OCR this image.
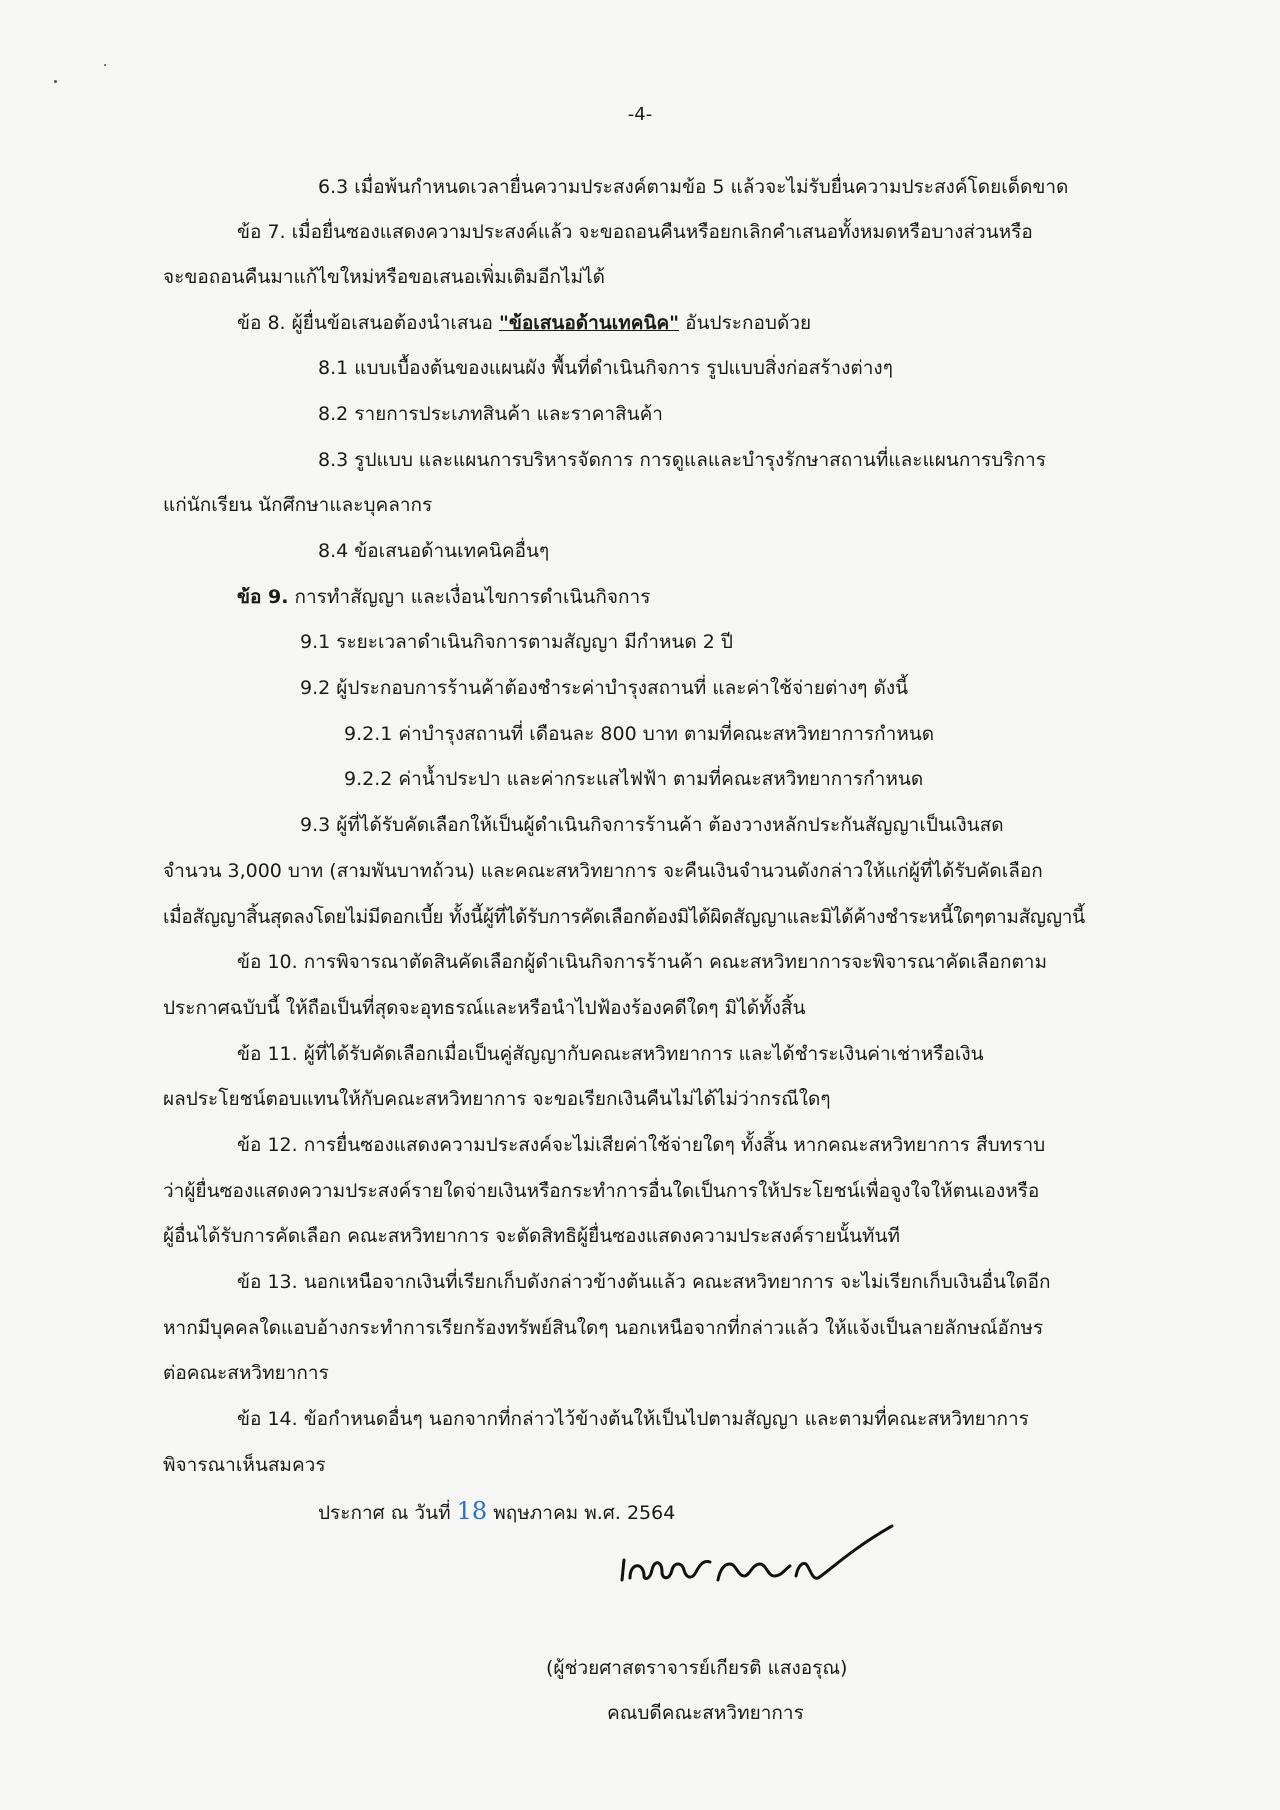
-4-
6.3 เมื่อพ้นกำหนดเวลายื่นความประสงค์ตามข้อ 5 แล้วจะไม่รับยื่นความประสงค์โดยเด็ดขาด
ข้อ 7. เมื่อยื่นซองแสดงความประสงค์แล้ว จะขอถอนคืนหรือยกเลิกคำเสนอทั้งหมดหรือบางส่วนหรือ
จะขอถอนคืนมาแก้ไขใหม่หรือขอเสนอเพิ่มเติมอีกไม่ได้
ข้อ 8. ผู้ยื่นข้อเสนอต้องนำเสนอ "ข้อเสนอด้านเทคนิค" อันประกอบด้วย
8.1 แบบเบื้องต้นของแผนผัง พื้นที่ดำเนินกิจการ รูปแบบสิ่งก่อสร้างต่างๆ
8.2 รายการประเภทสินค้า และราคาสินค้า
8.3 รูปแบบ และแผนการบริหารจัดการ การดูแลและบำรุงรักษาสถานที่และแผนการบริการ
แก่นักเรียน นักศึกษาและบุคลากร
8.4 ข้อเสนอด้านเทคนิคอื่นๆ
ข้อ 9. การทำสัญญา และเงื่อนไขการดำเนินกิจการ
9.1 ระยะเวลาดำเนินกิจการตามสัญญา มีกำหนด 2 ปี
9.2 ผู้ประกอบการร้านค้าต้องชำระค่าบำรุงสถานที่ และค่าใช้จ่ายต่างๆ ดังนี้
9.2.1 ค่าบำรุงสถานที่ เดือนละ 800 บาท ตามที่คณะสหวิทยาการกำหนด
9.2.2 ค่าน้ำประปา และค่ากระแสไฟฟ้า ตามที่คณะสหวิทยาการกำหนด
9.3 ผู้ที่ได้รับคัดเลือกให้เป็นผู้ดำเนินกิจการร้านค้า ต้องวางหลักประกันสัญญาเป็นเงินสด
จำนวน 3,000 บาท (สามพันบาทถ้วน) และคณะสหวิทยาการ จะคืนเงินจำนวนดังกล่าวให้แก่ผู้ที่ได้รับคัดเลือก
เมื่อสัญญาสิ้นสุดลงโดยไม่มีดอกเบี้ย ทั้งนี้ผู้ที่ได้รับการคัดเลือกต้องมิได้ผิดสัญญาและมิได้ค้างชำระหนี้ใดๆตามสัญญานี้
ข้อ 10. การพิจารณาตัดสินคัดเลือกผู้ดำเนินกิจการร้านค้า คณะสหวิทยาการจะพิจารณาคัดเลือกตาม
ประกาศฉบับนี้ ให้ถือเป็นที่สุดจะอุทธรณ์และหรือนำไปฟ้องร้องคดีใดๆ มิได้ทั้งสิ้น
ข้อ 11. ผู้ที่ได้รับคัดเลือกเมื่อเป็นคู่สัญญากับคณะสหวิทยาการ และได้ชำระเงินค่าเช่าหรือเงิน
ผลประโยชน์ตอบแทนให้กับคณะสหวิทยาการ จะขอเรียกเงินคืนไม่ได้ไม่ว่ากรณีใดๆ
ข้อ 12. การยื่นซองแสดงความประสงค์จะไม่เสียค่าใช้จ่ายใดๆ ทั้งสิ้น หากคณะสหวิทยาการ สืบทราบ
ว่าผู้ยื่นซองแสดงความประสงค์รายใดจ่ายเงินหรือกระทำการอื่นใดเป็นการให้ประโยชน์เพื่อจูงใจให้ตนเองหรือ
ผู้อื่นได้รับการคัดเลือก คณะสหวิทยาการ จะตัดสิทธิผู้ยื่นซองแสดงความประสงค์รายนั้นทันที
ข้อ 13. นอกเหนือจากเงินที่เรียกเก็บดังกล่าวข้างต้นแล้ว คณะสหวิทยาการ จะไม่เรียกเก็บเงินอื่นใดอีก
หากมีบุคคลใดแอบอ้างกระทำการเรียกร้องทรัพย์สินใดๆ นอกเหนือจากที่กล่าวแล้ว ให้แจ้งเป็นลายลักษณ์อักษร
ต่อคณะสหวิทยาการ
ข้อ 14. ข้อกำหนดอื่นๆ นอกจากที่กล่าวไว้ข้างต้นให้เป็นไปตามสัญญา และตามที่คณะสหวิทยาการ
พิจารณาเห็นสมควร
ประกาศ ณ วันที่ 18 พฤษภาคม พ.ศ. 2564
(ผู้ช่วยศาสตราจารย์เกียรติ แสงอรุณ)
คณบดีคณะสหวิทยาการ
